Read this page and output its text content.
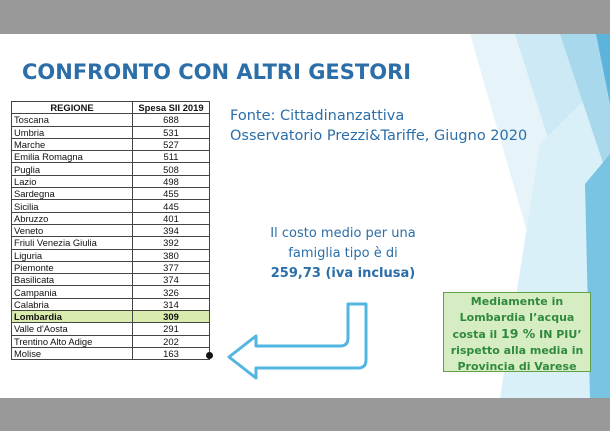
CONFRONTO CON ALTRI GESTORI
REGIONE	Spesa SII 2019
Toscana	688
Umbria	531
Marche	527
Emilia Romagna	511
Puglia	508
Lazio	498
Sardegna	455
Sicilia	445
Abruzzo	401
Veneto	394
Friuli Venezia Giulia	392
Liguria	380
Piemonte	377
Basilicata	374
Campania	326
Calabria	314
Lombardia	309
Valle d'Aosta	291
Trentino Alto Adige	202
Molise	163
Fonte: Cittadinanzattiva
Osservatorio Prezzi&Tariffe, Giugno 2020
Il costo medio per una
famiglia tipo è di
259,73 (iva inclusa)
Mediamente in
Lombardia l’acqua
costa il 19 % IN PIU’
rispetto alla media in
Provincia di Varese
